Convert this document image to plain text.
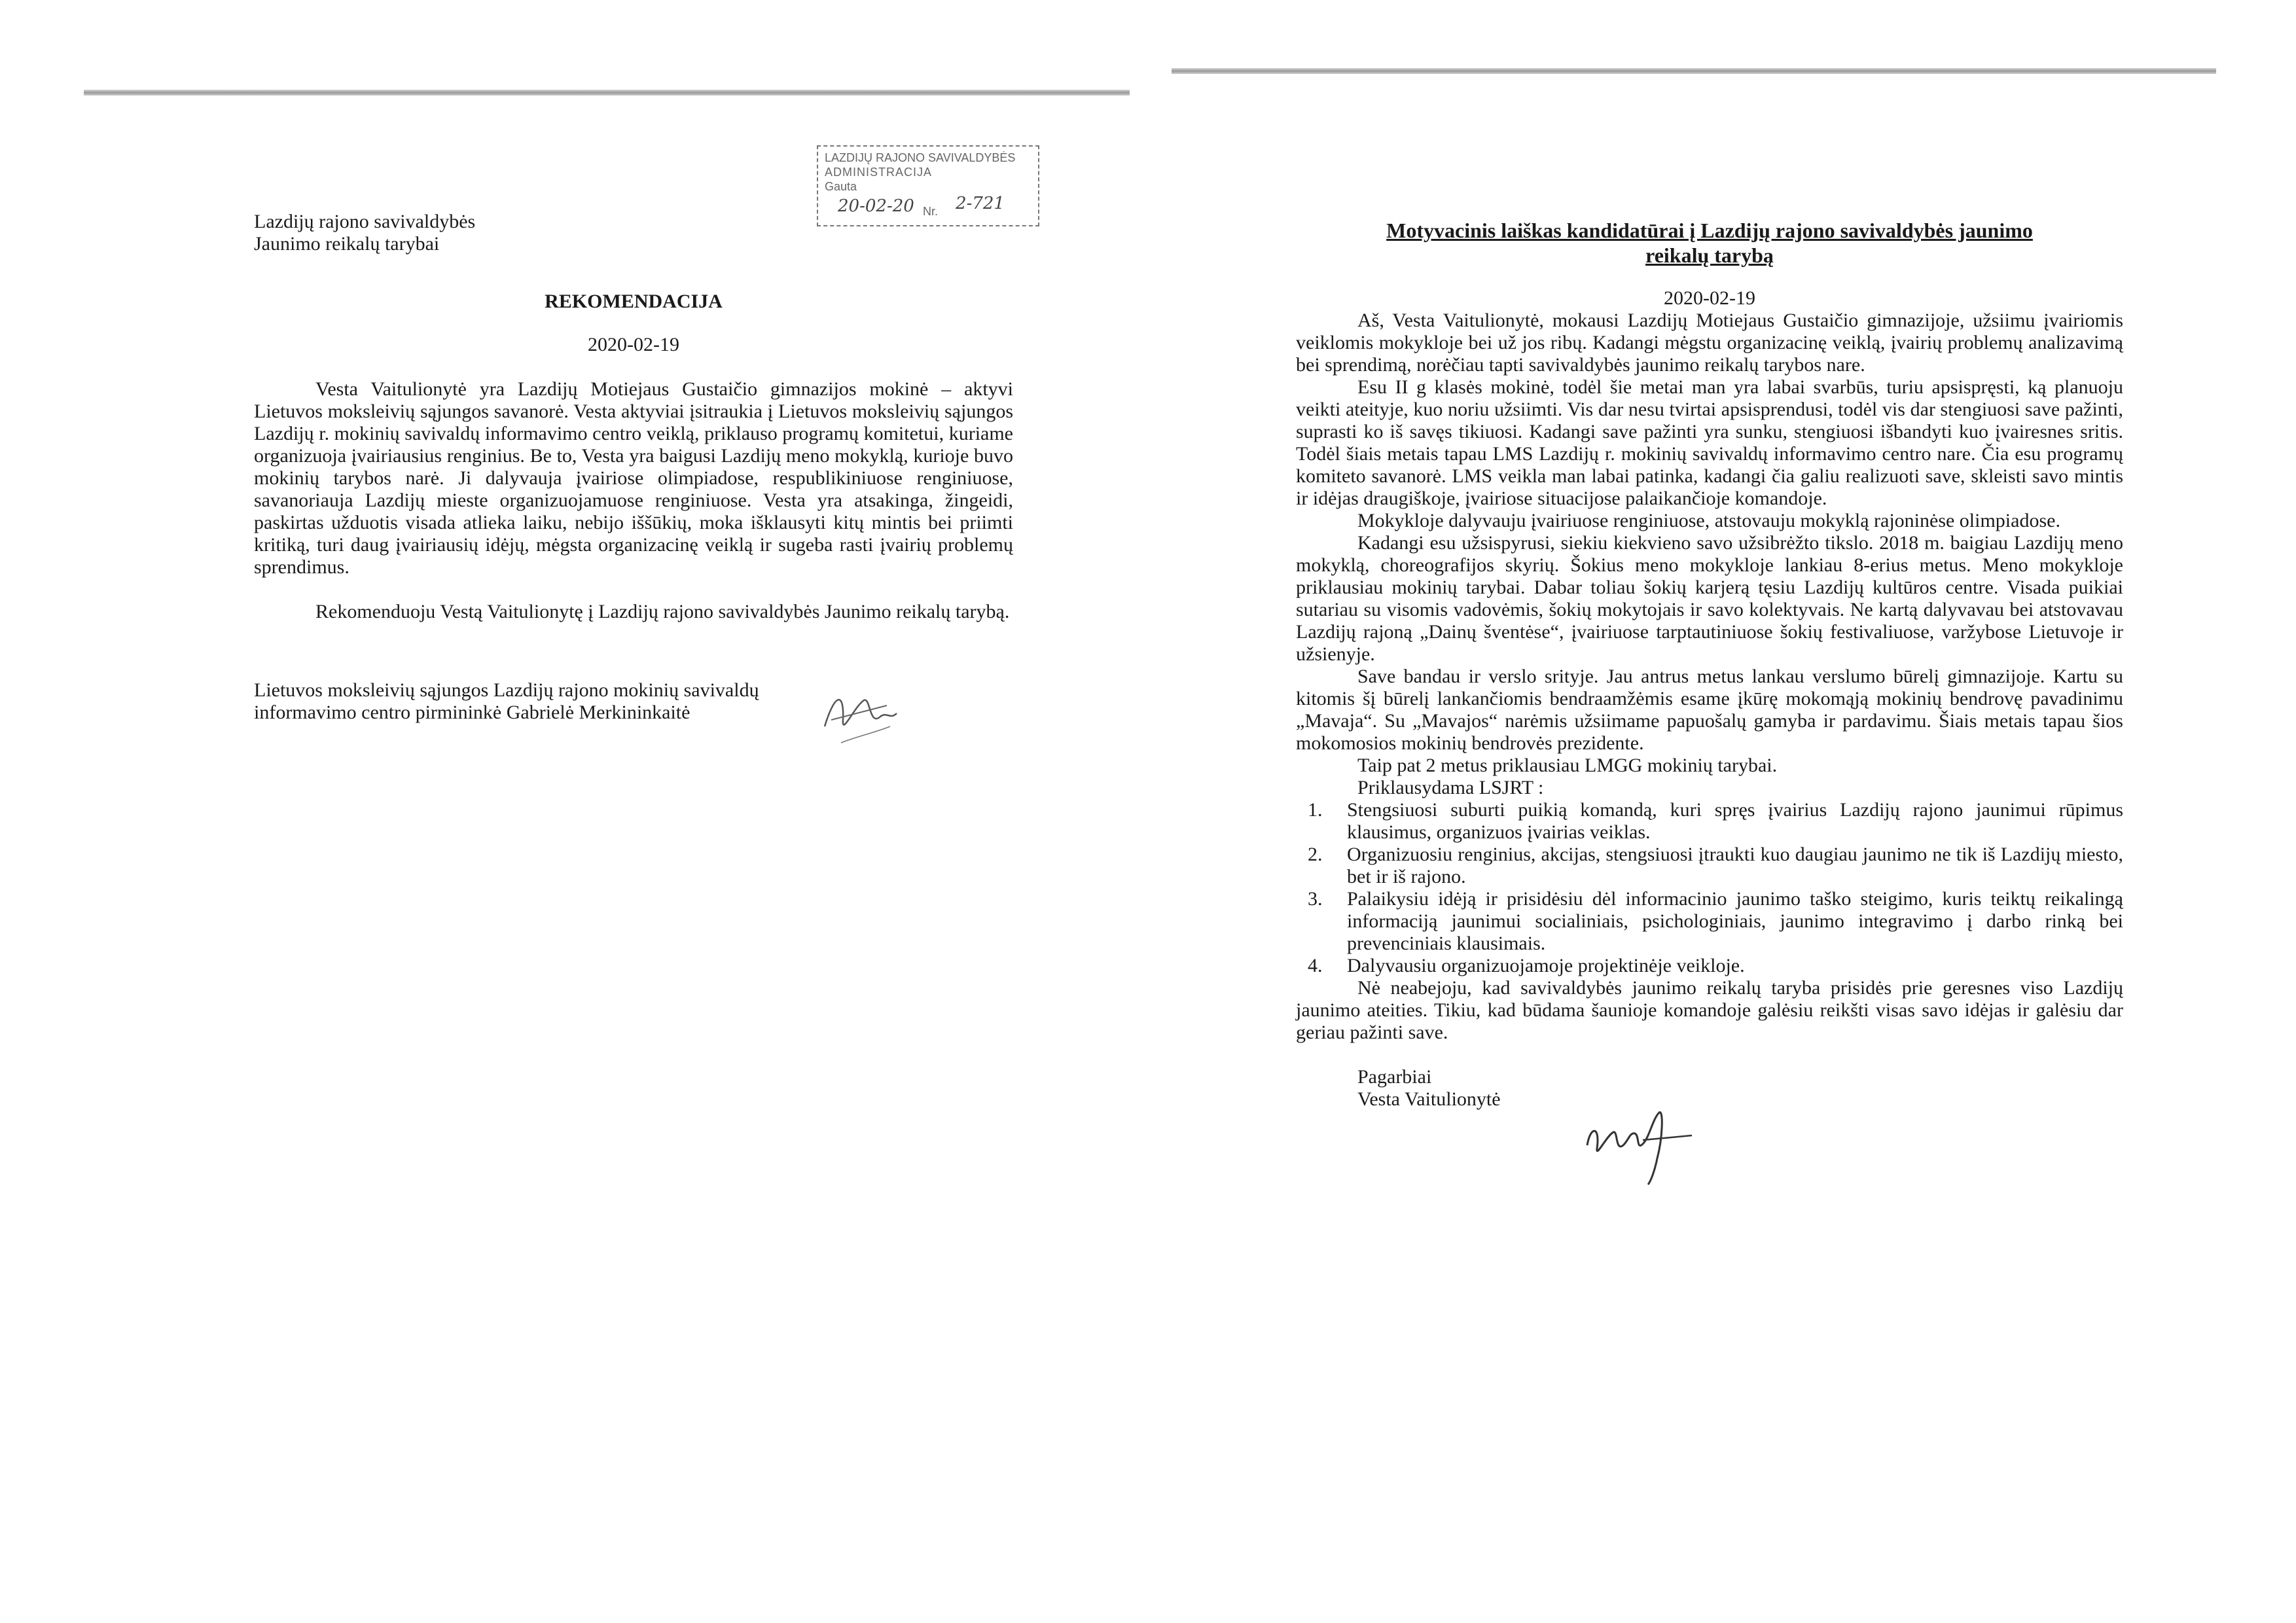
LAZDIJŲ RAJONO SAVIVALDYBĖS
ADMINISTRACIJA
Gauta
20-02-20 Nr. 2-721

Lazdijų rajono savivaldybės

Jaunimo reikalų tarybai

REKOMENDACIJA

2020-02-19

Vesta Vaitulionytė yra Lazdijų Motiejaus Gustaičio gimnazijos mokinė – aktyvi Lietuvos moksleivių sąjungos savanorė. Vesta aktyviai įsitraukia į Lietuvos moksleivių sąjungos Lazdijų r. mokinių savivaldų informavimo centro veiklą, priklauso programų komitetui, kuriame organizuoja įvairiausius renginius. Be to, Vesta yra baigusi Lazdijų meno mokyklą, kurioje buvo mokinių tarybos narė. Ji dalyvauja įvairiose olimpiadose, respublikiniuose renginiuose, savanoriauja Lazdijų mieste organizuojamuose renginiuose. Vesta yra atsakinga, žingeidi, paskirtas užduotis visada atlieka laiku, nebijo iššūkių, moka išklausyti kitų mintis bei priimti kritiką, turi daug įvairiausių idėjų, mėgsta organizacinę veiklą ir sugeba rasti įvairių problemų sprendimus.

Rekomenduoju Vestą Vaitulionytę į Lazdijų rajono savivaldybės Jaunimo reikalų tarybą.

Lietuvos moksleivių sąjungos Lazdijų rajono mokinių savivaldų

informavimo centro pirmininkė Gabrielė Merkininkaitė

Motyvacinis laiškas kandidatūrai į Lazdijų rajono savivaldybės jaunimo

reikalų tarybą

2020-02-19

Aš, Vesta Vaitulionytė, mokausi Lazdijų Motiejaus Gustaičio gimnazijoje, užsiimu įvairiomis veiklomis mokykloje bei už jos ribų. Kadangi mėgstu organizacinę veiklą, įvairių problemų analizavimą bei sprendimą, norėčiau tapti savivaldybės jaunimo reikalų tarybos nare.

Esu II g klasės mokinė, todėl šie metai man yra labai svarbūs, turiu apsispręsti, ką planuoju veikti ateityje, kuo noriu užsiimti. Vis dar nesu tvirtai apsisprendusi, todėl vis dar stengiuosi save pažinti, suprasti ko iš savęs tikiuosi. Kadangi save pažinti yra sunku, stengiuosi išbandyti kuo įvairesnes sritis. Todėl šiais metais tapau LMS Lazdijų r. mokinių savivaldų informavimo centro nare. Čia esu programų komiteto savanorė. LMS veikla man labai patinka, kadangi čia galiu realizuoti save, skleisti savo mintis ir idėjas draugiškoje, įvairiose situacijose palaikančioje komandoje.

Mokykloje dalyvauju įvairiuose renginiuose, atstovauju mokyklą rajoninėse olimpiadose.

Kadangi esu užsispyrusi, siekiu kiekvieno savo užsibrėžto tikslo. 2018 m. baigiau Lazdijų meno mokyklą, choreografijos skyrių. Šokius meno mokykloje lankiau 8-erius metus. Meno mokykloje priklausiau mokinių tarybai. Dabar toliau šokių karjerą tęsiu Lazdijų kultūros centre. Visada puikiai sutariau su visomis vadovėmis, šokių mokytojais ir savo kolektyvais. Ne kartą dalyvavau bei atstovavau Lazdijų rajoną „Dainų šventėse“, įvairiuose tarptautiniuose šokių festivaliuose, varžybose Lietuvoje ir užsienyje.

Save bandau ir verslo srityje. Jau antrus metus lankau verslumo būrelį gimnazijoje. Kartu su kitomis šį būrelį lankančiomis bendraamžėmis esame įkūrę mokomąją mokinių bendrovę pavadinimu „Mavaja“. Su „Mavajos“ narėmis užsiimame papuošalų gamyba ir pardavimu. Šiais metais tapau šios mokomosios mokinių bendrovės prezidente.

Taip pat 2 metus priklausiau LMGG mokinių tarybai.

Priklausydama LSJRT :

1. Stengsiuosi suburti puikią komandą, kuri spręs įvairius Lazdijų rajono jaunimui rūpimus klausimus, organizuos įvairias veiklas.
2. Organizuosiu renginius, akcijas, stengsiuosi įtraukti kuo daugiau jaunimo ne tik iš Lazdijų miesto, bet ir iš rajono.
3. Palaikysiu idėją ir prisidėsiu dėl informacinio jaunimo taško steigimo, kuris teiktų reikalingą informaciją jaunimui socialiniais, psichologiniais, jaunimo integravimo į darbo rinką bei prevenciniais klausimais.
4. Dalyvausiu organizuojamoje projektinėje veikloje.

Nė neabejoju, kad savivaldybės jaunimo reikalų taryba prisidės prie geresnes viso Lazdijų jaunimo ateities. Tikiu, kad būdama šaunioje komandoje galėsiu reikšti visas savo idėjas ir galėsiu dar geriau pažinti save.

Pagarbiai

Vesta Vaitulionytė
